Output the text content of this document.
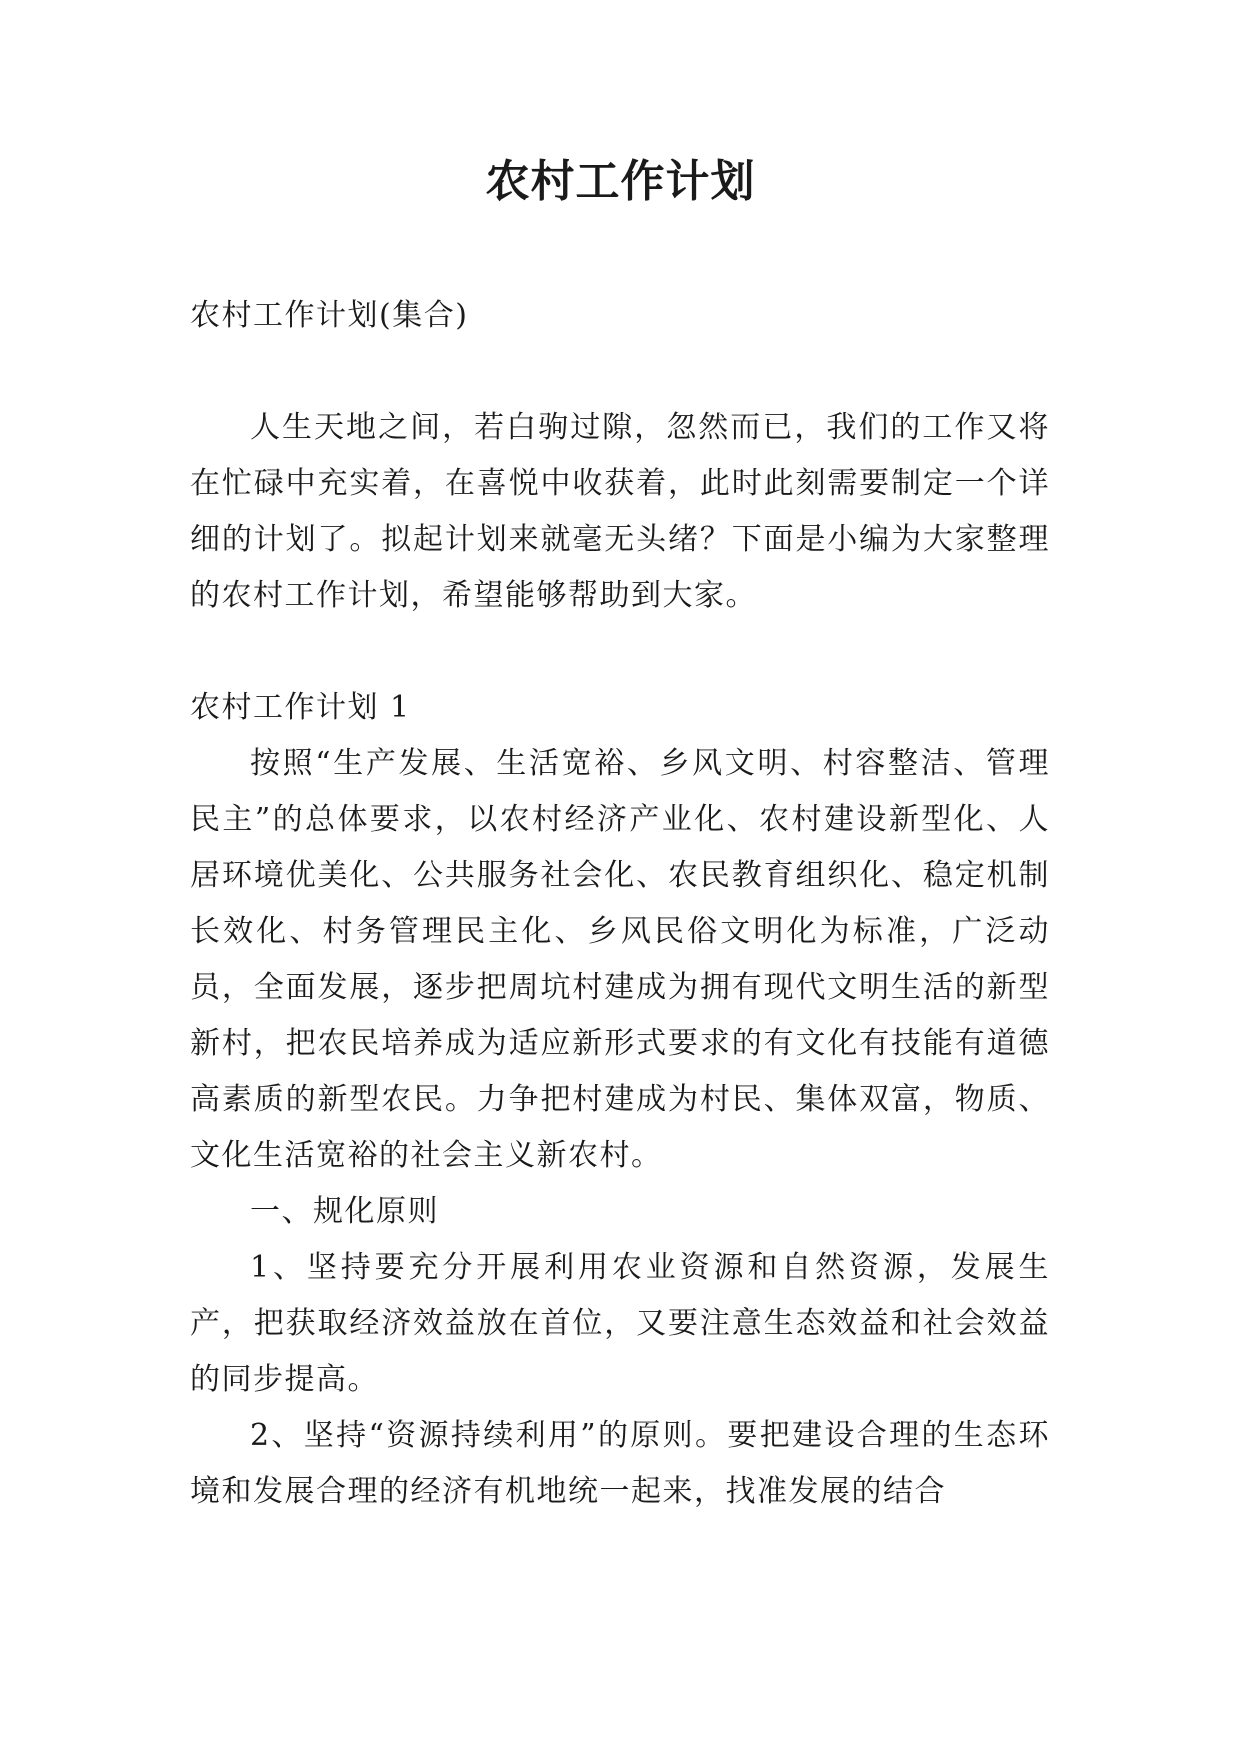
农村工作计划

农村工作计划(集合)

人生天地之间，若白驹过隙，忽然而已，我们的工作又将在忙碌中充实着，在喜悦中收获着，此时此刻需要制定一个详细的计划了。拟起计划来就毫无头绪？下面是小编为大家整理的农村工作计划，希望能够帮助到大家。

农村工作计划 1

按照“生产发展、生活宽裕、乡风文明、村容整洁、管理民主”的总体要求，以农村经济产业化、农村建设新型化、人居环境优美化、公共服务社会化、农民教育组织化、稳定机制长效化、村务管理民主化、乡风民俗文明化为标准，广泛动员，全面发展，逐步把周坑村建成为拥有现代文明生活的新型新村，把农民培养成为适应新形式要求的有文化有技能有道德高素质的新型农民。力争把村建成为村民、集体双富，物质、文化生活宽裕的社会主义新农村。

一、规化原则

1、坚持要充分开展利用农业资源和自然资源，发展生产，把获取经济效益放在首位，又要注意生态效益和社会效益的同步提高。

2、坚持“资源持续利用”的原则。要把建设合理的生态环境和发展合理的经济有机地统一起来，找准发展的结合
